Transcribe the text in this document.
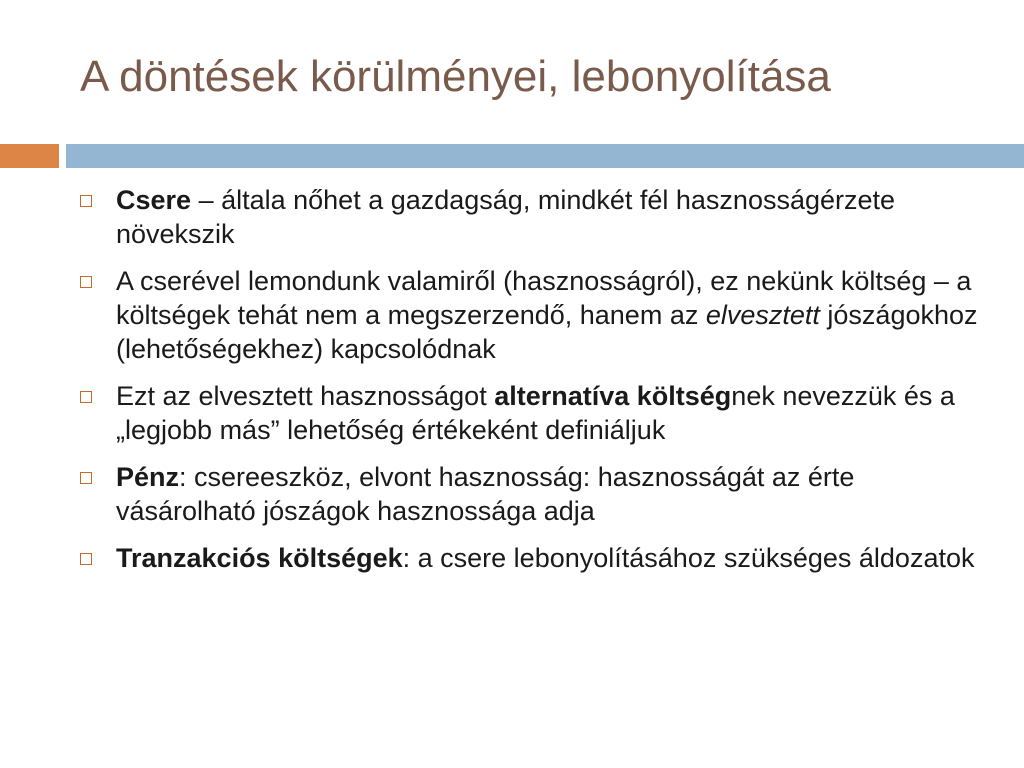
A döntések körülményei, lebonyolítása
Csere – általa nőhet a gazdagság, mindkét fél hasznosságérzete növekszik
A cserével lemondunk valamiről (hasznosságról), ez nekünk költség – a költségek tehát nem a megszerzendő, hanem az elvesztett jószágokhoz (lehetőségekhez) kapcsolódnak
Ezt az elvesztett hasznosságot alternatíva költségnek nevezzük és a „legjobb más” lehetőség értékeként definiáljuk
Pénz: csereeszköz, elvont hasznosság: hasznosságát az érte vásárolható jószágok hasznossága adja
Tranzakciós költségek: a csere lebonyolításához szükséges áldozatok
